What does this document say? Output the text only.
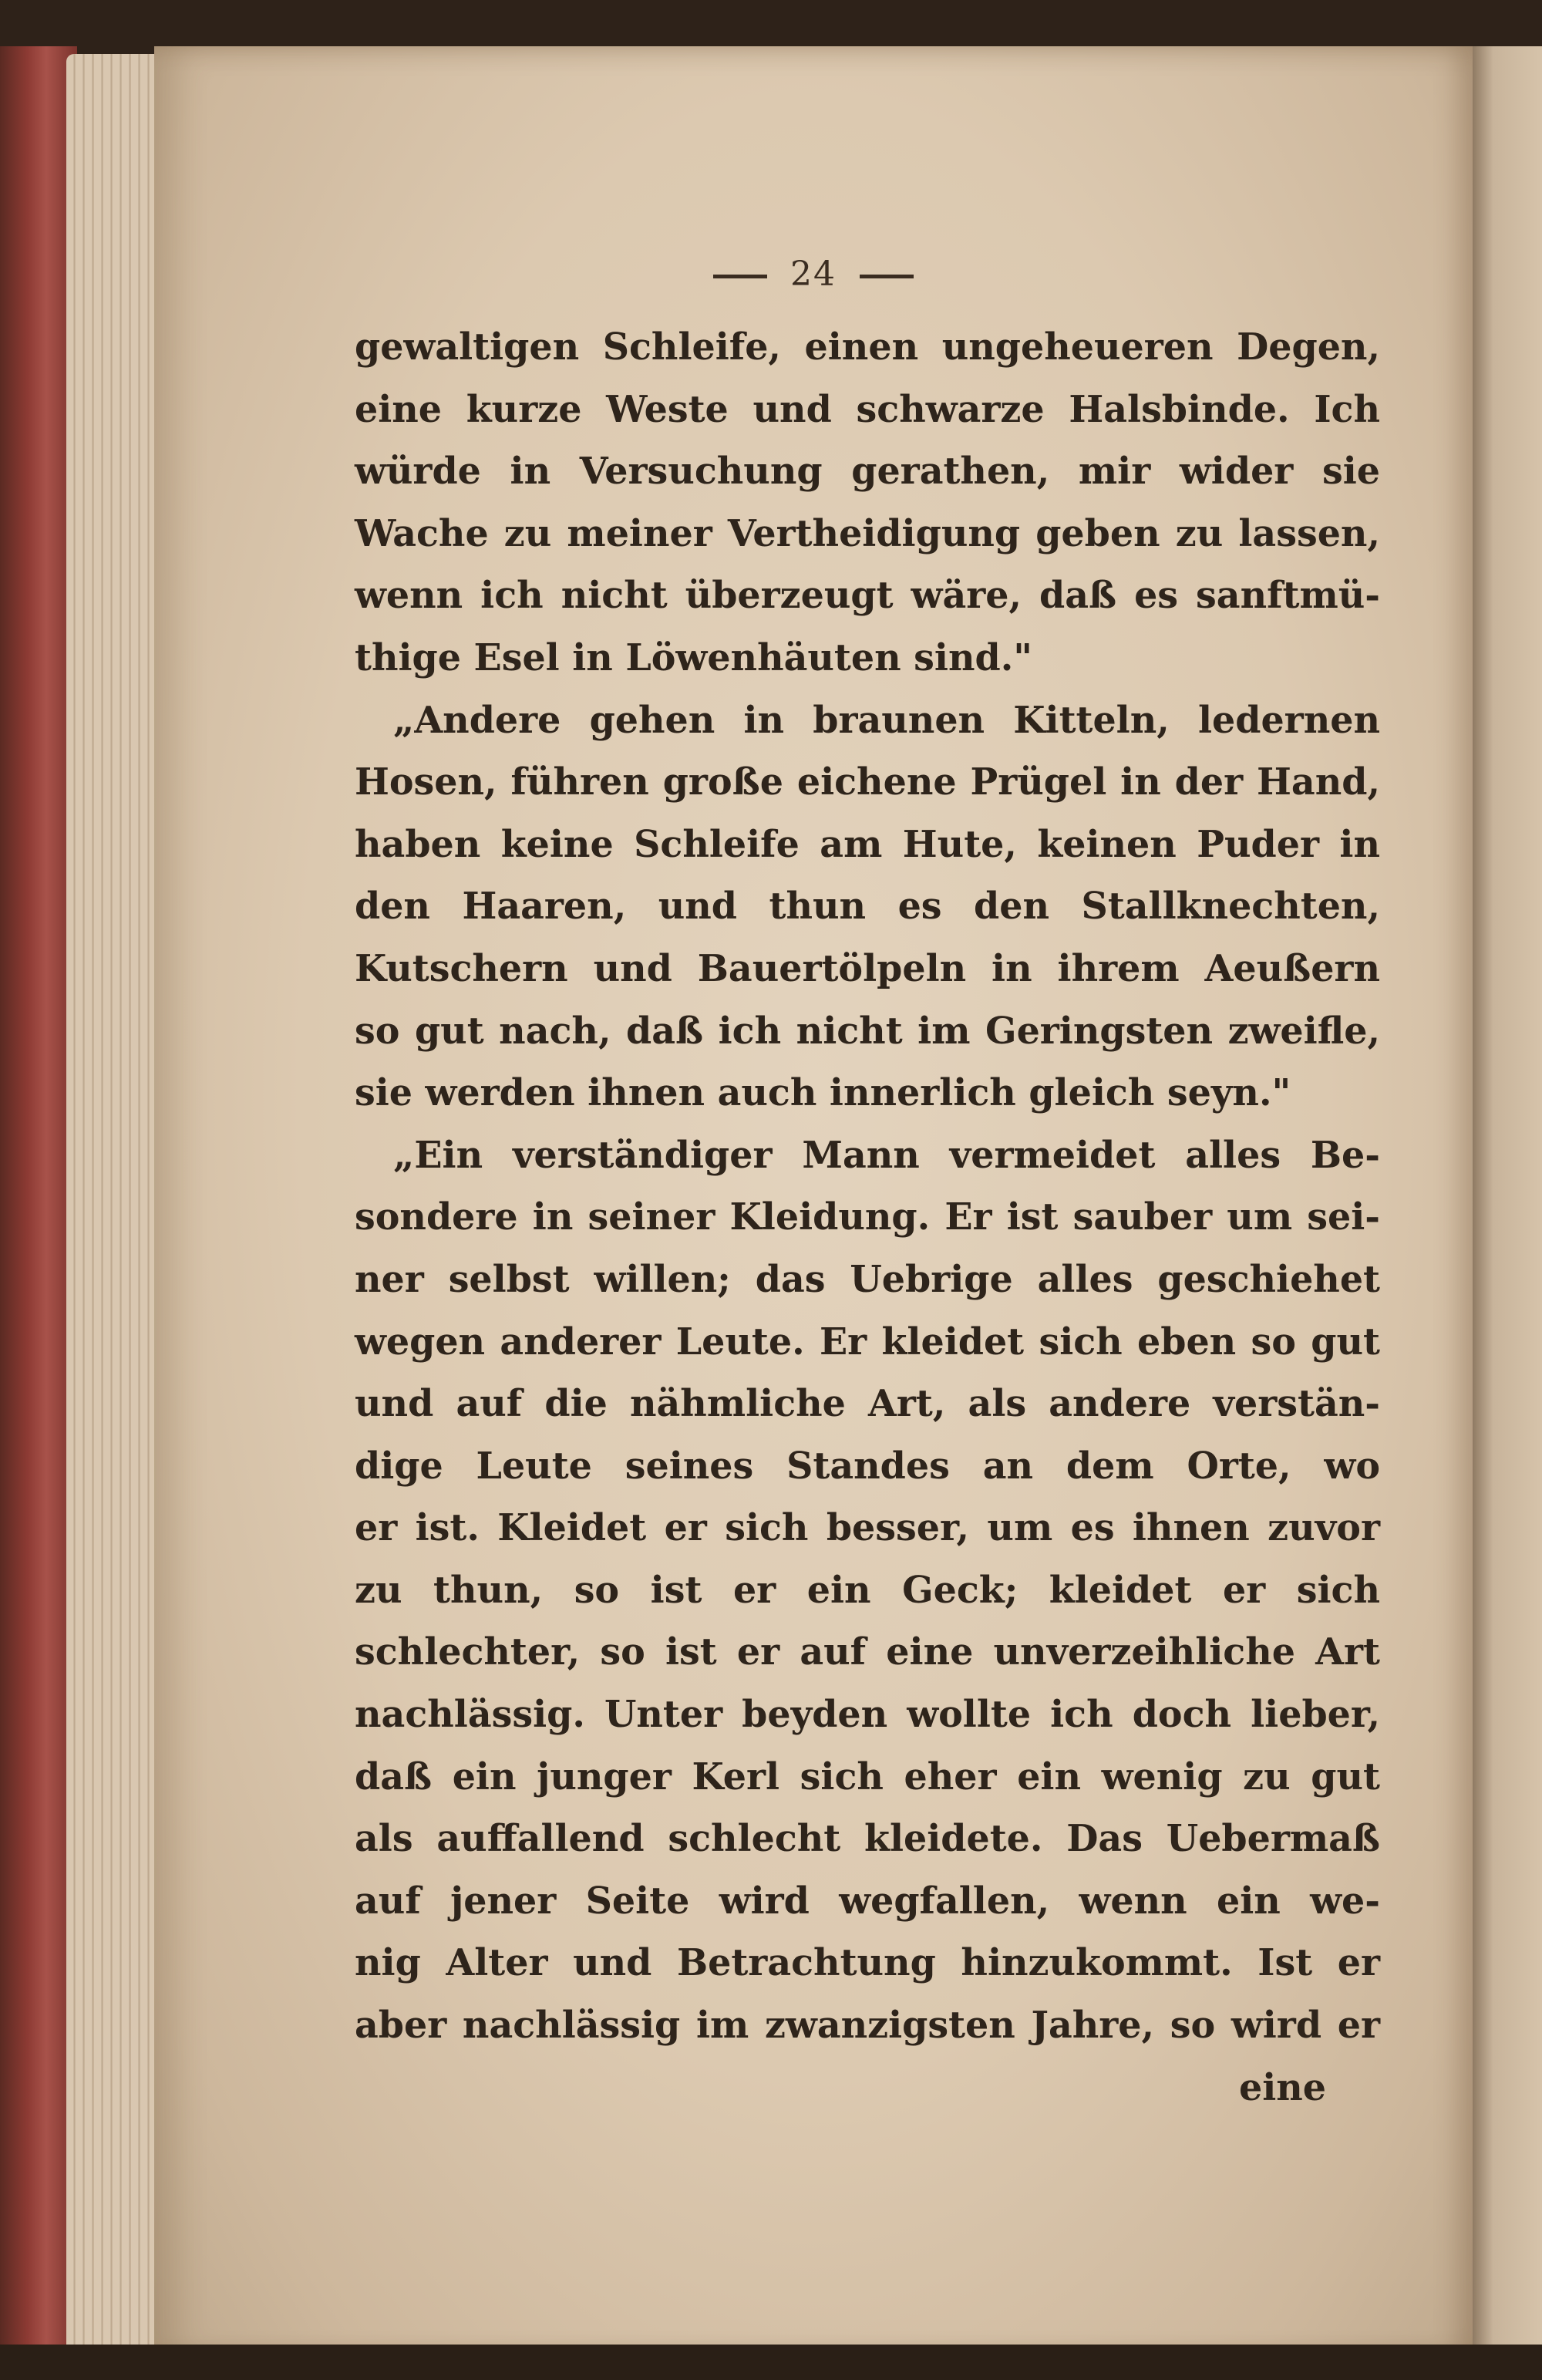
24
gewaltigen Schleife, einen ungeheueren Degen,
eine kurze Weste und schwarze Halsbinde. Ich
würde in Versuchung gerathen, mir wider sie
Wache zu meiner Vertheidigung geben zu lassen,
wenn ich nicht überzeugt wäre, daß es sanftmü-
thige Esel in Löwenhäuten sind."
„Andere gehen in braunen Kitteln, ledernen
Hosen, führen große eichene Prügel in der Hand,
haben keine Schleife am Hute, keinen Puder in
den Haaren, und thun es den Stallknechten,
Kutschern und Bauertölpeln in ihrem Aeußern
so gut nach, daß ich nicht im Geringsten zweifle,
sie werden ihnen auch innerlich gleich seyn."
„Ein verständiger Mann vermeidet alles Be-
sondere in seiner Kleidung. Er ist sauber um sei-
ner selbst willen; das Uebrige alles geschiehet
wegen anderer Leute. Er kleidet sich eben so gut
und auf die nähmliche Art, als andere verstän-
dige Leute seines Standes an dem Orte, wo
er ist. Kleidet er sich besser, um es ihnen zuvor
zu thun, so ist er ein Geck; kleidet er sich
schlechter, so ist er auf eine unverzeihliche Art
nachlässig. Unter beyden wollte ich doch lieber,
daß ein junger Kerl sich eher ein wenig zu gut
als auffallend schlecht kleidete. Das Uebermaß
auf jener Seite wird wegfallen, wenn ein we-
nig Alter und Betrachtung hinzukommt. Ist er
aber nachlässig im zwanzigsten Jahre, so wird er
eine
